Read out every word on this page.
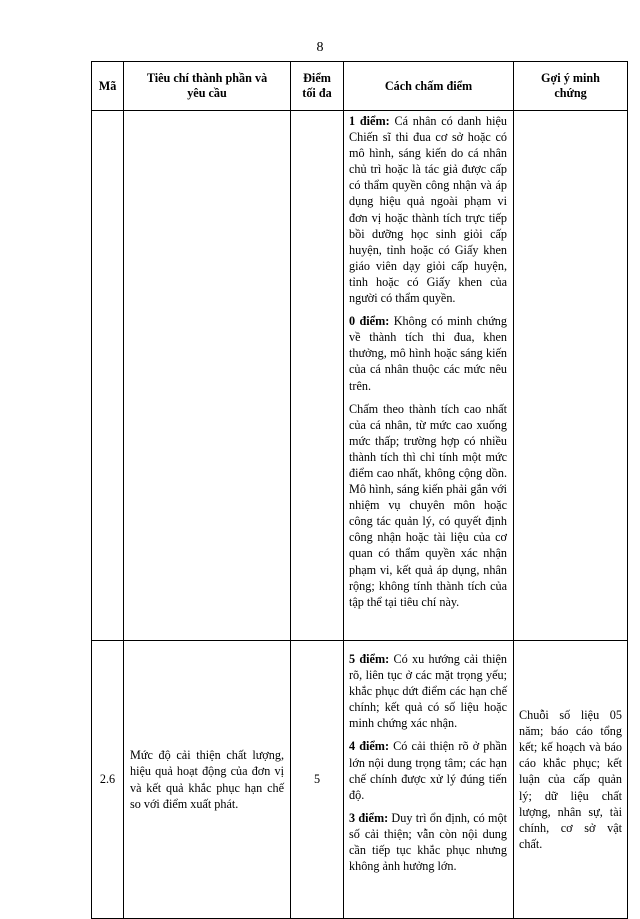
8
Mã	Tiêu chí thành phần và yêu cầu	Điểm tối đa	Cách chấm điểm	Gợi ý minh chứng

			1 điểm: Cá nhân có danh hiệu Chiến sĩ thi đua cơ sở hoặc có mô hình, sáng kiến do cá nhân chủ trì hoặc là tác giả được cấp có thẩm quyền công nhận và áp dụng hiệu quả ngoài phạm vi đơn vị hoặc thành tích trực tiếp bồi dưỡng học sinh giỏi cấp huyện, tỉnh hoặc có Giấy khen giáo viên dạy giỏi cấp huyện, tỉnh hoặc có Giấy khen của người có thẩm quyền.

0 điểm: Không có minh chứng về thành tích thi đua, khen thưởng, mô hình hoặc sáng kiến của cá nhân thuộc các mức nêu trên.

Chấm theo thành tích cao nhất của cá nhân, từ mức cao xuống mức thấp; trường hợp có nhiều thành tích thì chỉ tính một mức điểm cao nhất, không cộng dồn. Mô hình, sáng kiến phải gắn với nhiệm vụ chuyên môn hoặc công tác quản lý, có quyết định công nhận hoặc tài liệu của cơ quan có thẩm quyền xác nhận phạm vi, kết quả áp dụng, nhân rộng; không tính thành tích của tập thể tại tiêu chí này.	

2.6	Mức độ cải thiện chất lượng, hiệu quả hoạt động của đơn vị và kết quả khắc phục hạn chế so với điểm xuất phát.	5	5 điểm: Có xu hướng cải thiện rõ, liên tục ở các mặt trọng yếu; khắc phục dứt điểm các hạn chế chính; kết quả có số liệu hoặc minh chứng xác nhận.

4 điểm: Có cải thiện rõ ở phần lớn nội dung trọng tâm; các hạn chế chính được xử lý đúng tiến độ.

3 điểm: Duy trì ổn định, có một số cải thiện; vẫn còn nội dung cần tiếp tục khắc phục nhưng không ảnh hưởng lớn.	Chuỗi số liệu 05 năm; báo cáo tổng kết; kế hoạch và báo cáo khắc phục; kết luận của cấp quản lý; dữ liệu chất lượng, nhân sự, tài chính, cơ sở vật chất.
